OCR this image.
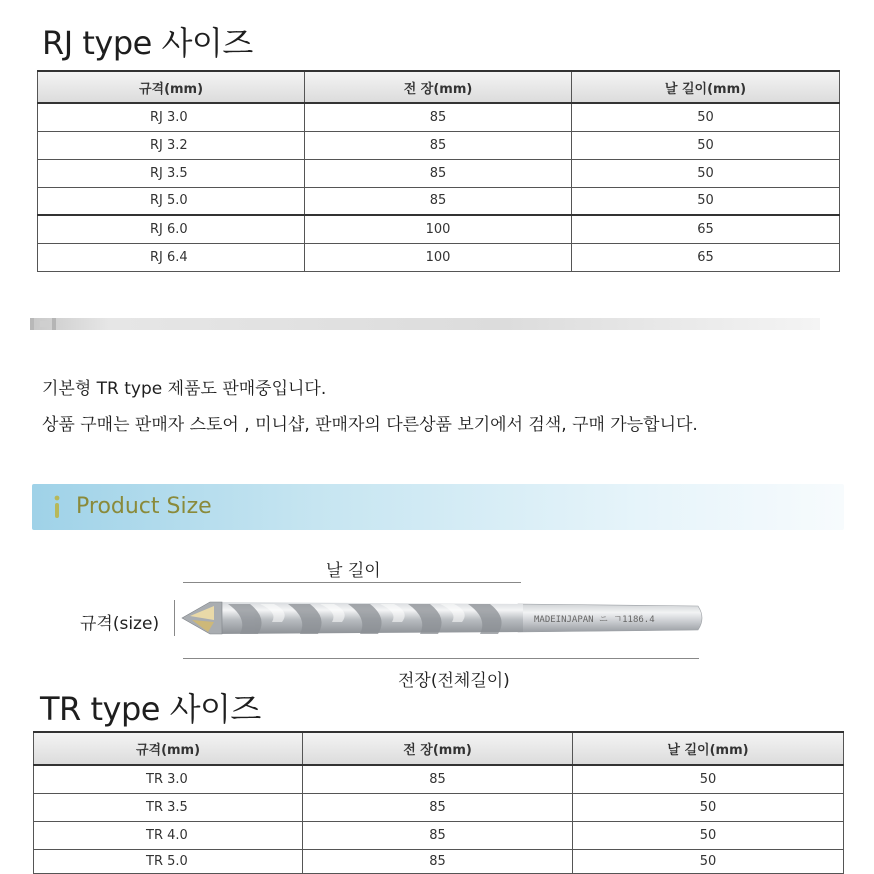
RJ type 사이즈
규격(mm)	전 장(mm)	날 길이(mm)
RJ 3.0	85	50
RJ 3.2	85	50
RJ 3.5	85	50
RJ 5.0	85	50
RJ 6.0	100	65
RJ 6.4	100	65
기본형 TR type 제품도 판매중입니다.
상품 구매는 판매자 스토어 , 미니샵, 판매자의 다른상품 보기에서 검색, 구매 가능합니다.
Product Size
날 길이
규격(size)	MADEINJAPAN ニ ㄱ1186.4
전장(전체길이)
TR type 사이즈
규격(mm)	전 장(mm)	날 길이(mm)
TR 3.0	85	50
TR 3.5	85	50
TR 4.0	85	50
TR 5.0	85	50
